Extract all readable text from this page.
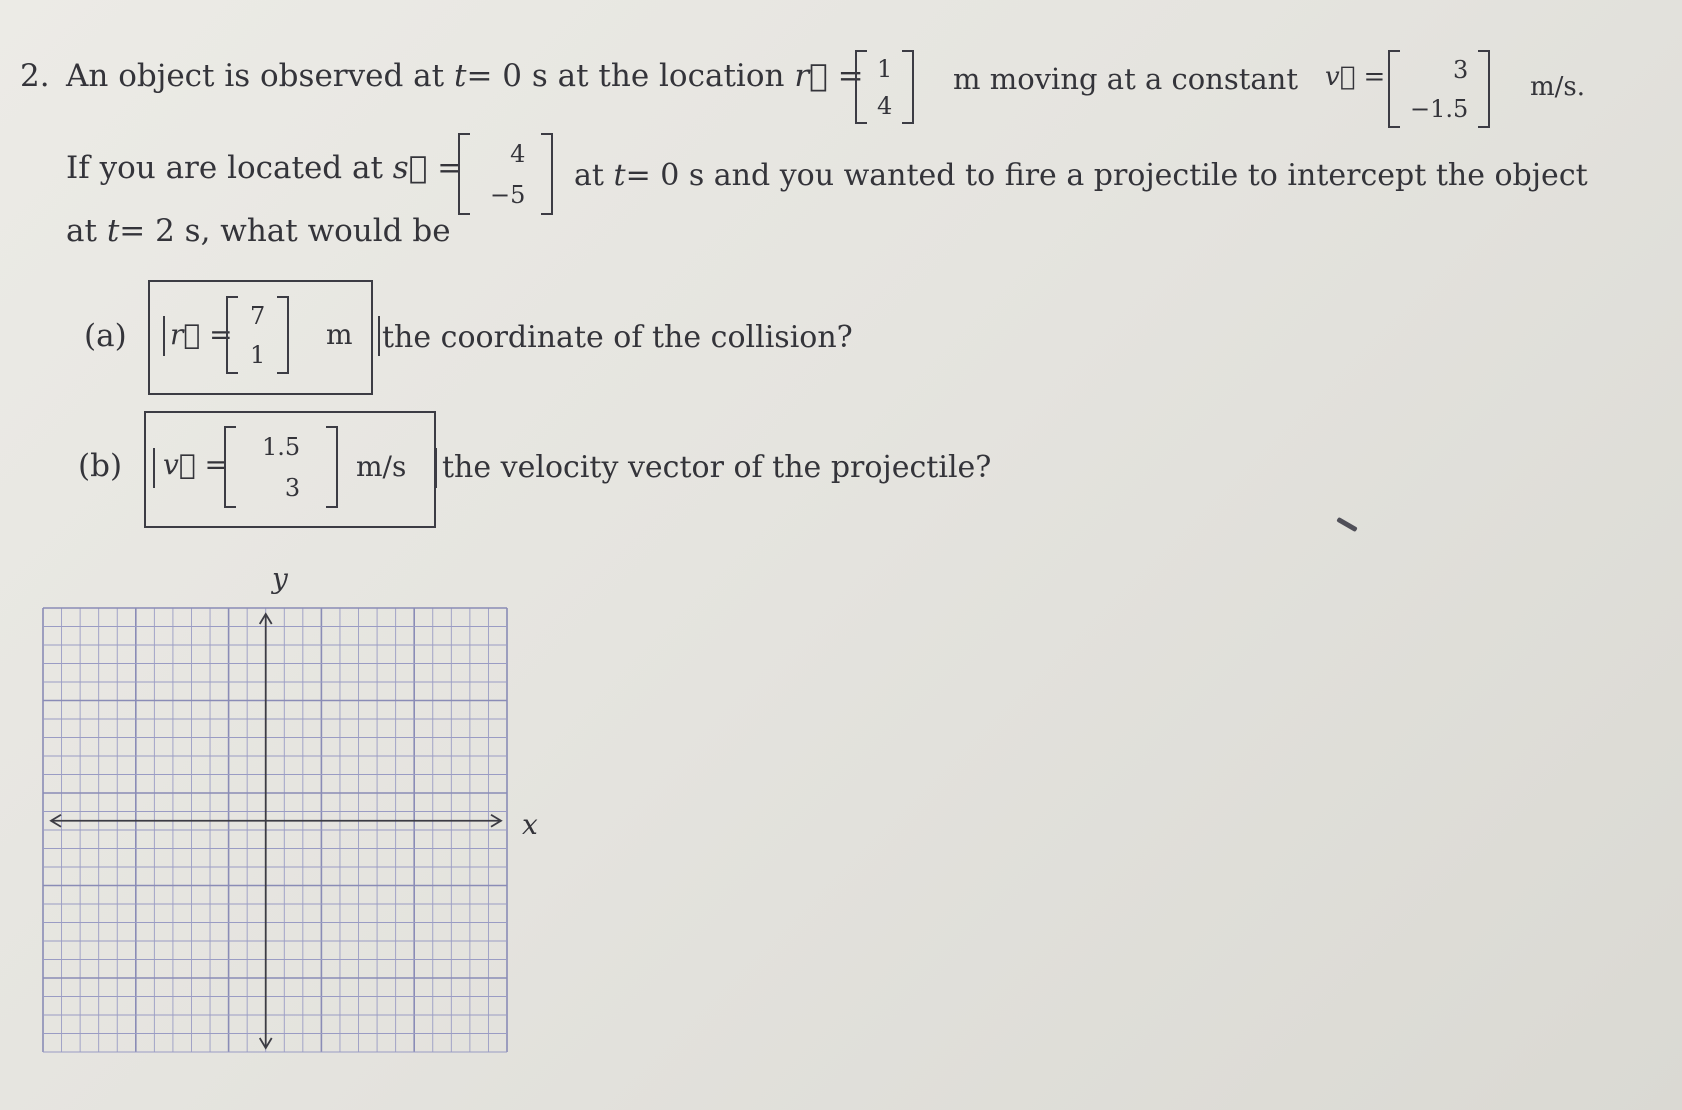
2. An object is observed at t= 0 s at the location r⃗ = 1
4
m moving at a constant v⃗ =	3
−1.5
m/s.
If you are located at s⃗ = 4
−5
at t= 0 s and you wanted to fire a projectile to intercept the object
at t= 2 s, what would be
(a) r⃗ =
7
1
m the coordinate of the collision?
(b) v⃗ =
1.5
3
m/s the velocity vector of the projectile?
y
x
